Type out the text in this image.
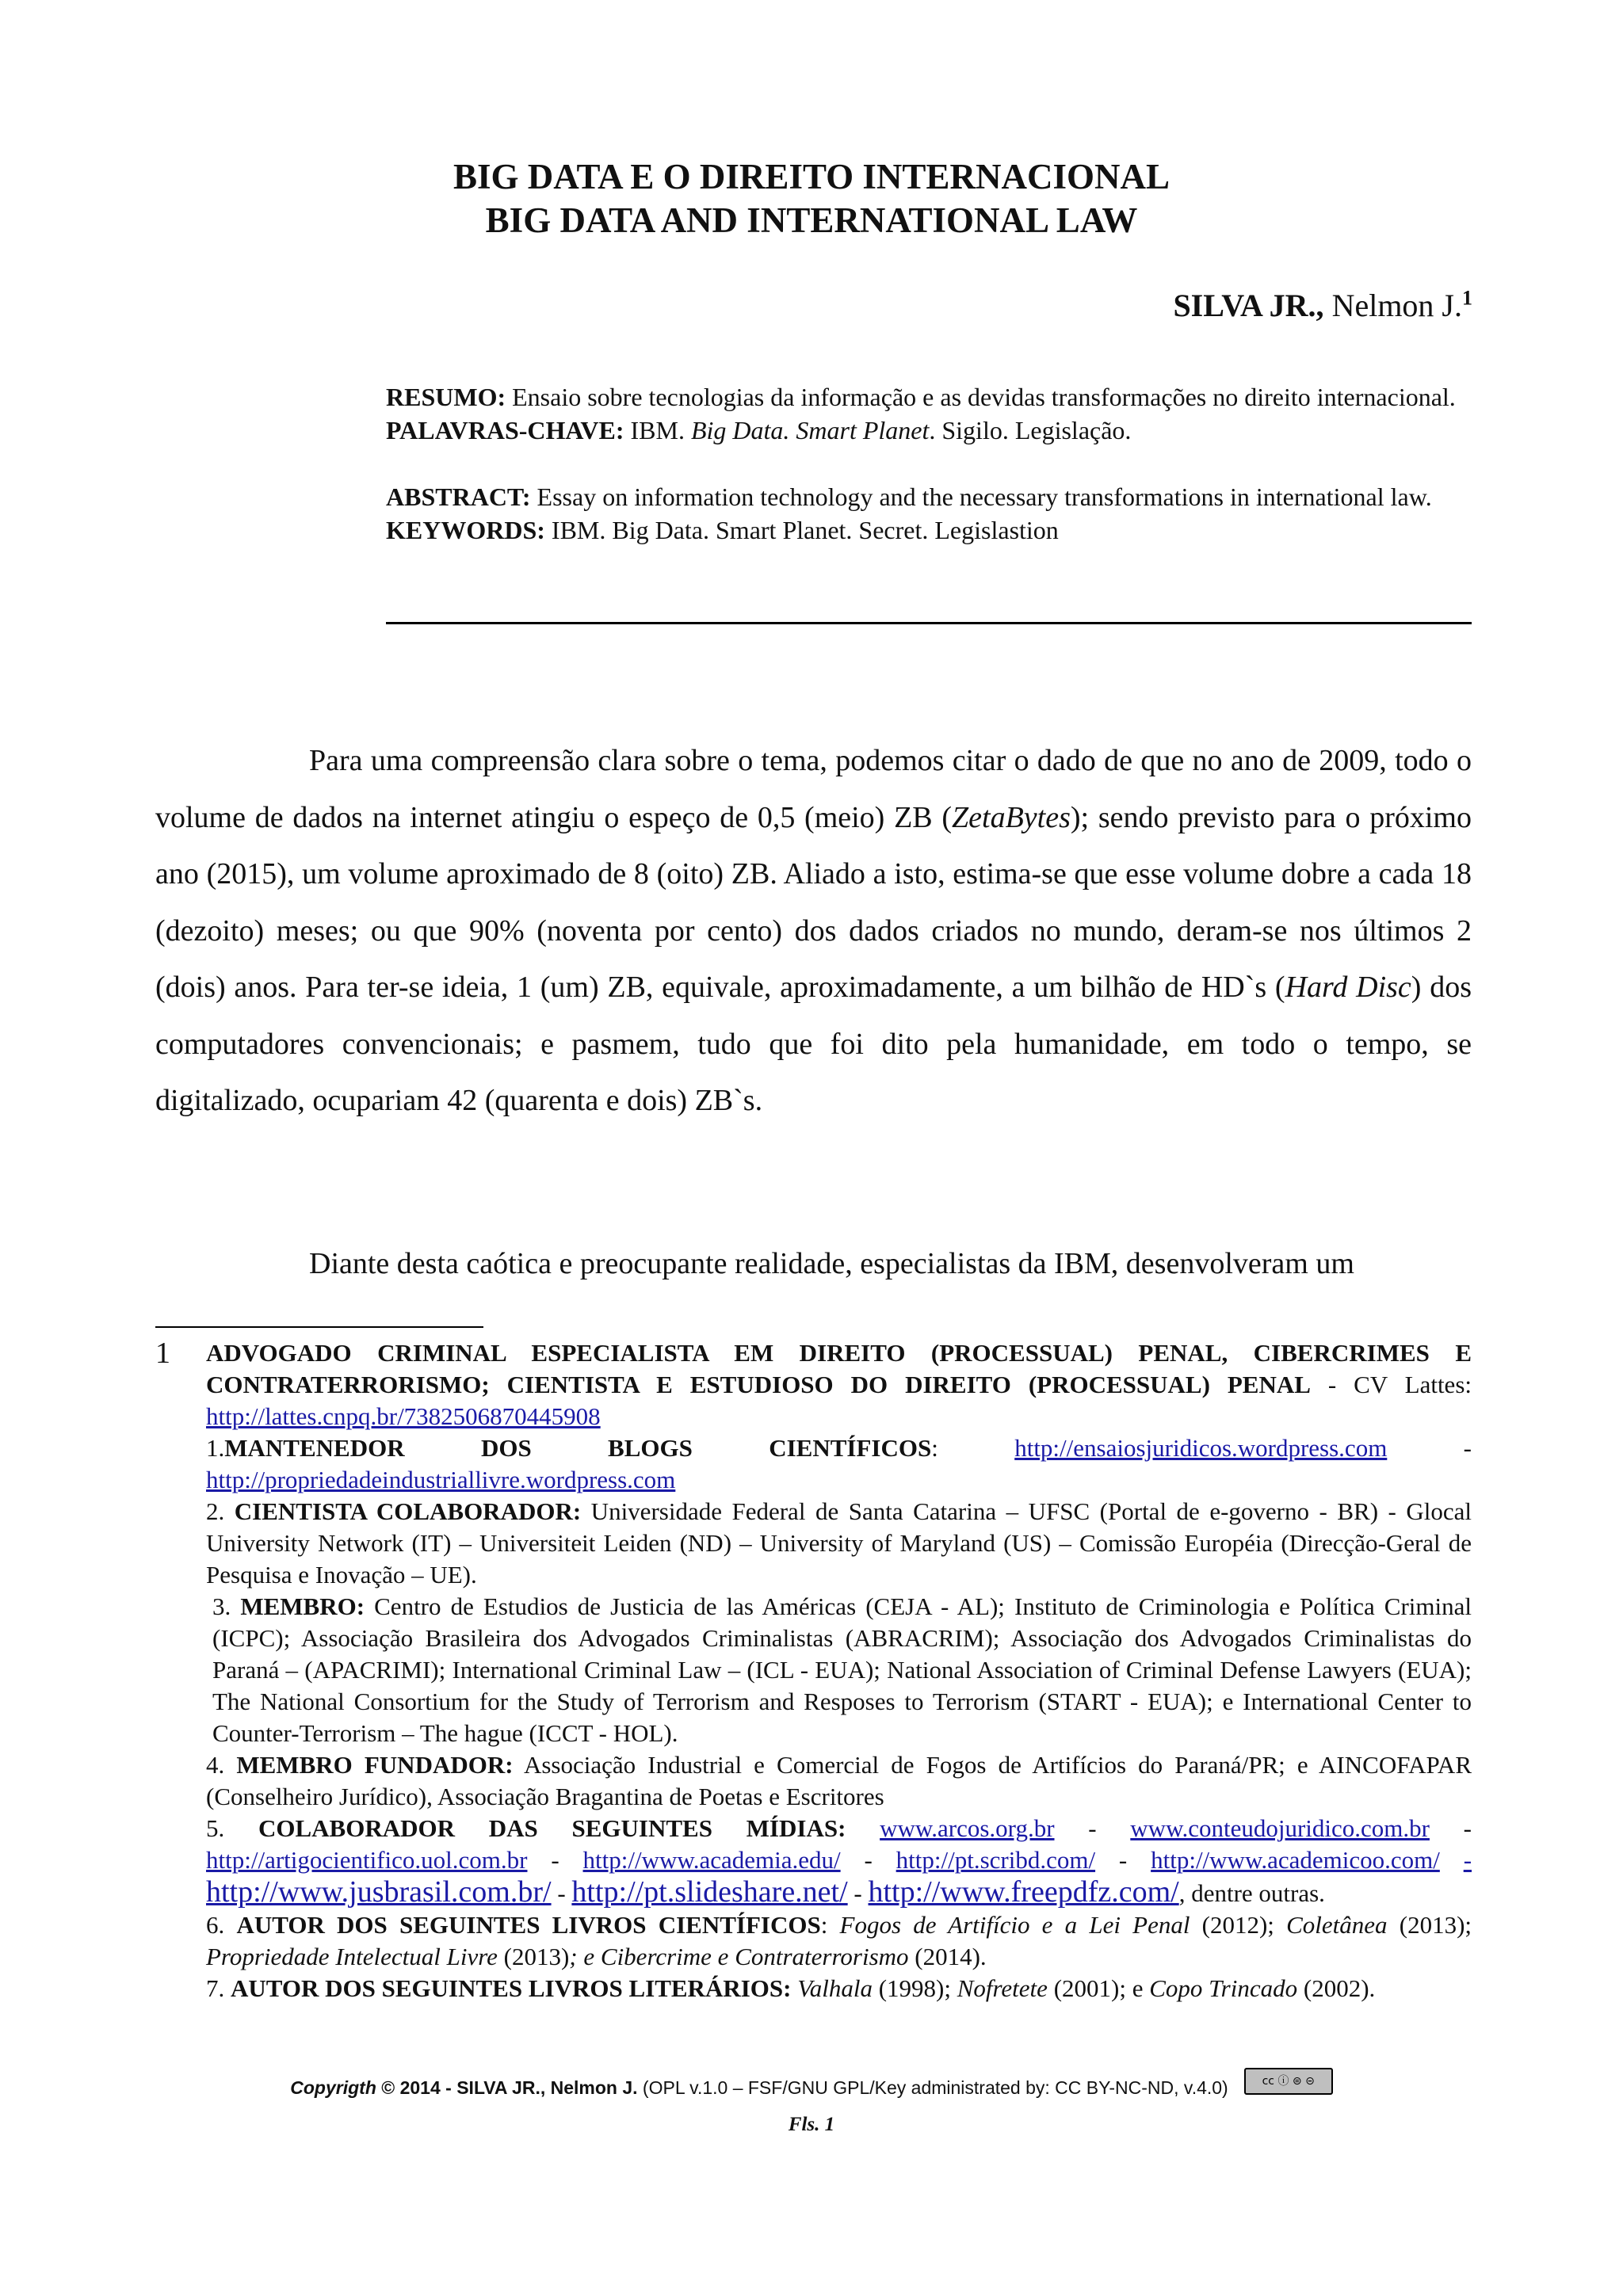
BIG DATA E O DIREITO INTERNACIONAL
BIG DATA AND INTERNATIONAL LAW
SILVA JR., Nelmon J.$^1$

RESUMO: Ensaio sobre tecnologias da informação e as devidas transformações no direito internacional.

PALAVRAS-CHAVE: IBM. Big Data. Smart Planet. Sigilo. Legislação.

ABSTRACT: Essay on information technology and the necessary transformations in international law.

KEYWORDS: IBM. Big Data. Smart Planet. Secret. Legislastion

Para uma compreensão clara sobre o tema, podemos citar o dado de que no ano de 2009, todo o volume de dados na internet atingiu o espeço de 0,5 (meio) ZB (ZetaBytes); sendo previsto para o próximo ano (2015), um volume aproximado de 8 (oito) ZB. Aliado a isto, estima-se que esse volume dobre a cada 18 (dezoito) meses; ou que 90% (noventa por cento) dos dados criados no mundo, deram-se nos últimos 2 (dois) anos. Para ter-se ideia, 1 (um) ZB, equivale, aproximadamente, a um bilhão de HD`s (Hard Disc) dos computadores convencionais; e pasmem, tudo que foi dito pela humanidade, em todo o tempo, se digitalizado, ocupariam 42 (quarenta e dois) ZB`s.

Diante desta caótica e preocupante realidade, especialistas da IBM, desenvolveram um

1 ADVOGADO CRIMINAL ESPECIALISTA EM DIREITO (PROCESSUAL) PENAL, CIBERCRIMES E CONTRATERRORISMO; CIENTISTA E ESTUDIOSO DO DIREITO (PROCESSUAL) PENAL - CV Lattes: http://lattes.cnpq.br/7382506870445908

1.MANTENEDOR DOS BLOGS CIENTÍFICOS: http://ensaiosjuridicos.wordpress.com - http://propriedadeindustriallivre.wordpress.com

2. CIENTISTA COLABORADOR: Universidade Federal de Santa Catarina – UFSC (Portal de e-governo - BR) - Glocal University Network (IT) – Universiteit Leiden (ND) – University of Maryland (US) – Comissão Européia (Direcção-Geral de Pesquisa e Inovação – UE).

3. MEMBRO: Centro de Estudios de Justicia de las Américas (CEJA - AL); Instituto de Criminologia e Política Criminal (ICPC); Associação Brasileira dos Advogados Criminalistas (ABRACRIM); Associação dos Advogados Criminalistas do Paraná – (APACRIMI); International Criminal Law – (ICL - EUA); National Association of Criminal Defense Lawyers (EUA); The National Consortium for the Study of Terrorism and Resposes to Terrorism (START - EUA); e International Center to Counter-Terrorism – The hague (ICCT - HOL).

4. MEMBRO FUNDADOR: Associação Industrial e Comercial de Fogos de Artifícios do Paraná/PR; e AINCOFAPAR (Conselheiro Jurídico), Associação Bragantina de Poetas e Escritores

5. COLABORADOR DAS SEGUINTES MÍDIAS: www.arcos.org.br - www.conteudojuridico.com.br - http://artigocientifico.uol.com.br - http://www.academia.edu/ - http://pt.scribd.com/ - http://www.academicoo.com/ - http://www.jusbrasil.com.br/ - http://pt.slideshare.net/ - http://www.freepdfz.com/, dentre outras.

6. AUTOR DOS SEGUINTES LIVROS CIENTÍFICOS: Fogos de Artifício e a Lei Penal (2012); Coletânea (2013); Propriedade Intelectual Livre (2013); e Cibercrime e Contraterrorismo (2014).

7. AUTOR DOS SEGUINTES LIVROS LITERÁRIOS: Valhala (1998); Nofretete (2001); e Copo Trincado (2002).

Copyrigth © 2014 - SILVA JR., Nelmon J. (OPL v.1.0 – FSF/GNU GPL/Key administrated by: CC BY-NC-ND, v.4.0)	cc ⓘ ⊜ ⊝
Fls. 1
